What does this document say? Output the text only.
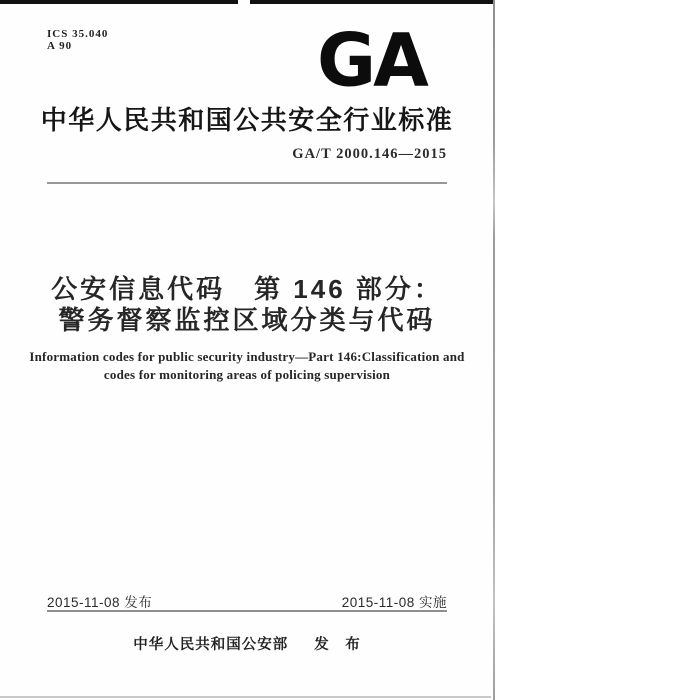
ICS 35.040
A 90	GA
中华人民共和国公共安全行业标准
GA/T 2000.146—2015
公安信息代码　第 146 部分：
警务督察监控区域分类与代码
Information codes for public security industry—Part 146:Classification and
codes for monitoring areas of policing supervision
2015-11-08 发布	2015-11-08 实施
中华人民共和国公安部 发　布
